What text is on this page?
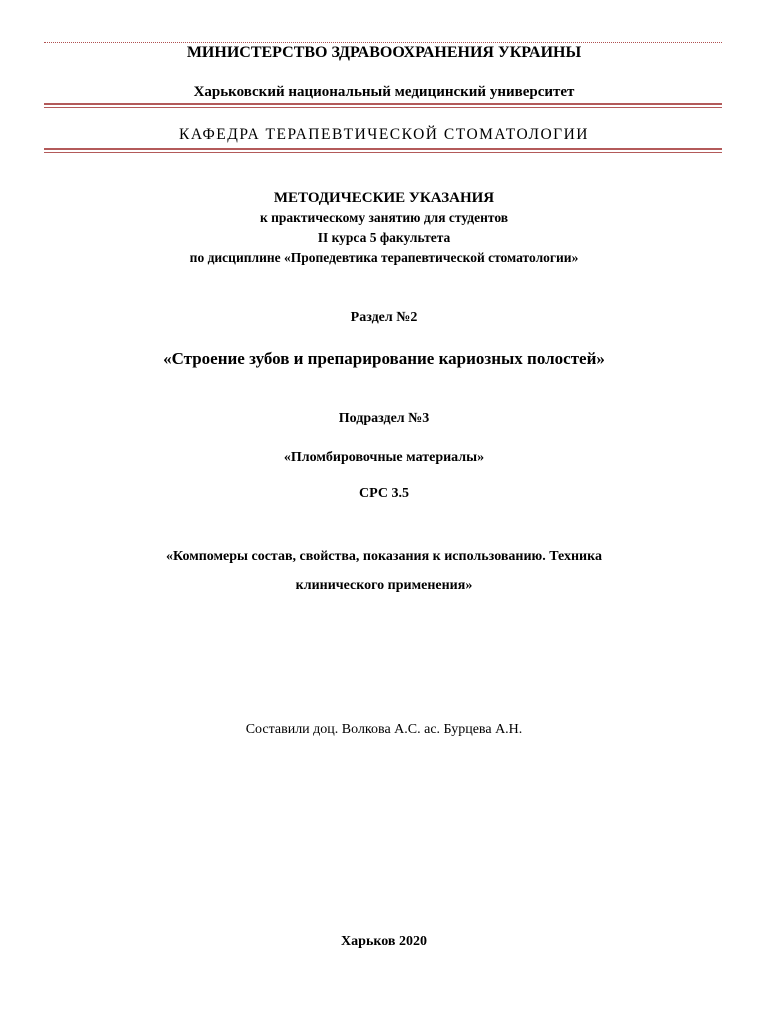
МИНИСТЕРСТВО ЗДРАВООХРАНЕНИЯ УКРАИНЫ
Харьковский национальный медицинский университет
КАФЕДРА ТЕРАПЕВТИЧЕСКОЙ СТОМАТОЛОГИИ
МЕТОДИЧЕСКИЕ УКАЗАНИЯ
к практическому занятию для студентов
II курса 5 факультета
по дисциплине «Пропедевтика терапевтической стоматологии»
Раздел №2
«Строение зубов и препарирование кариозных полостей»
Подраздел №3
«Пломбировочные материалы»
СРС 3.5
«Компомеры состав, свойства, показания к использованию. Техника
клинического применения»
Составили доц. Волкова А.С. ас. Бурцева А.Н.
Харьков 2020
